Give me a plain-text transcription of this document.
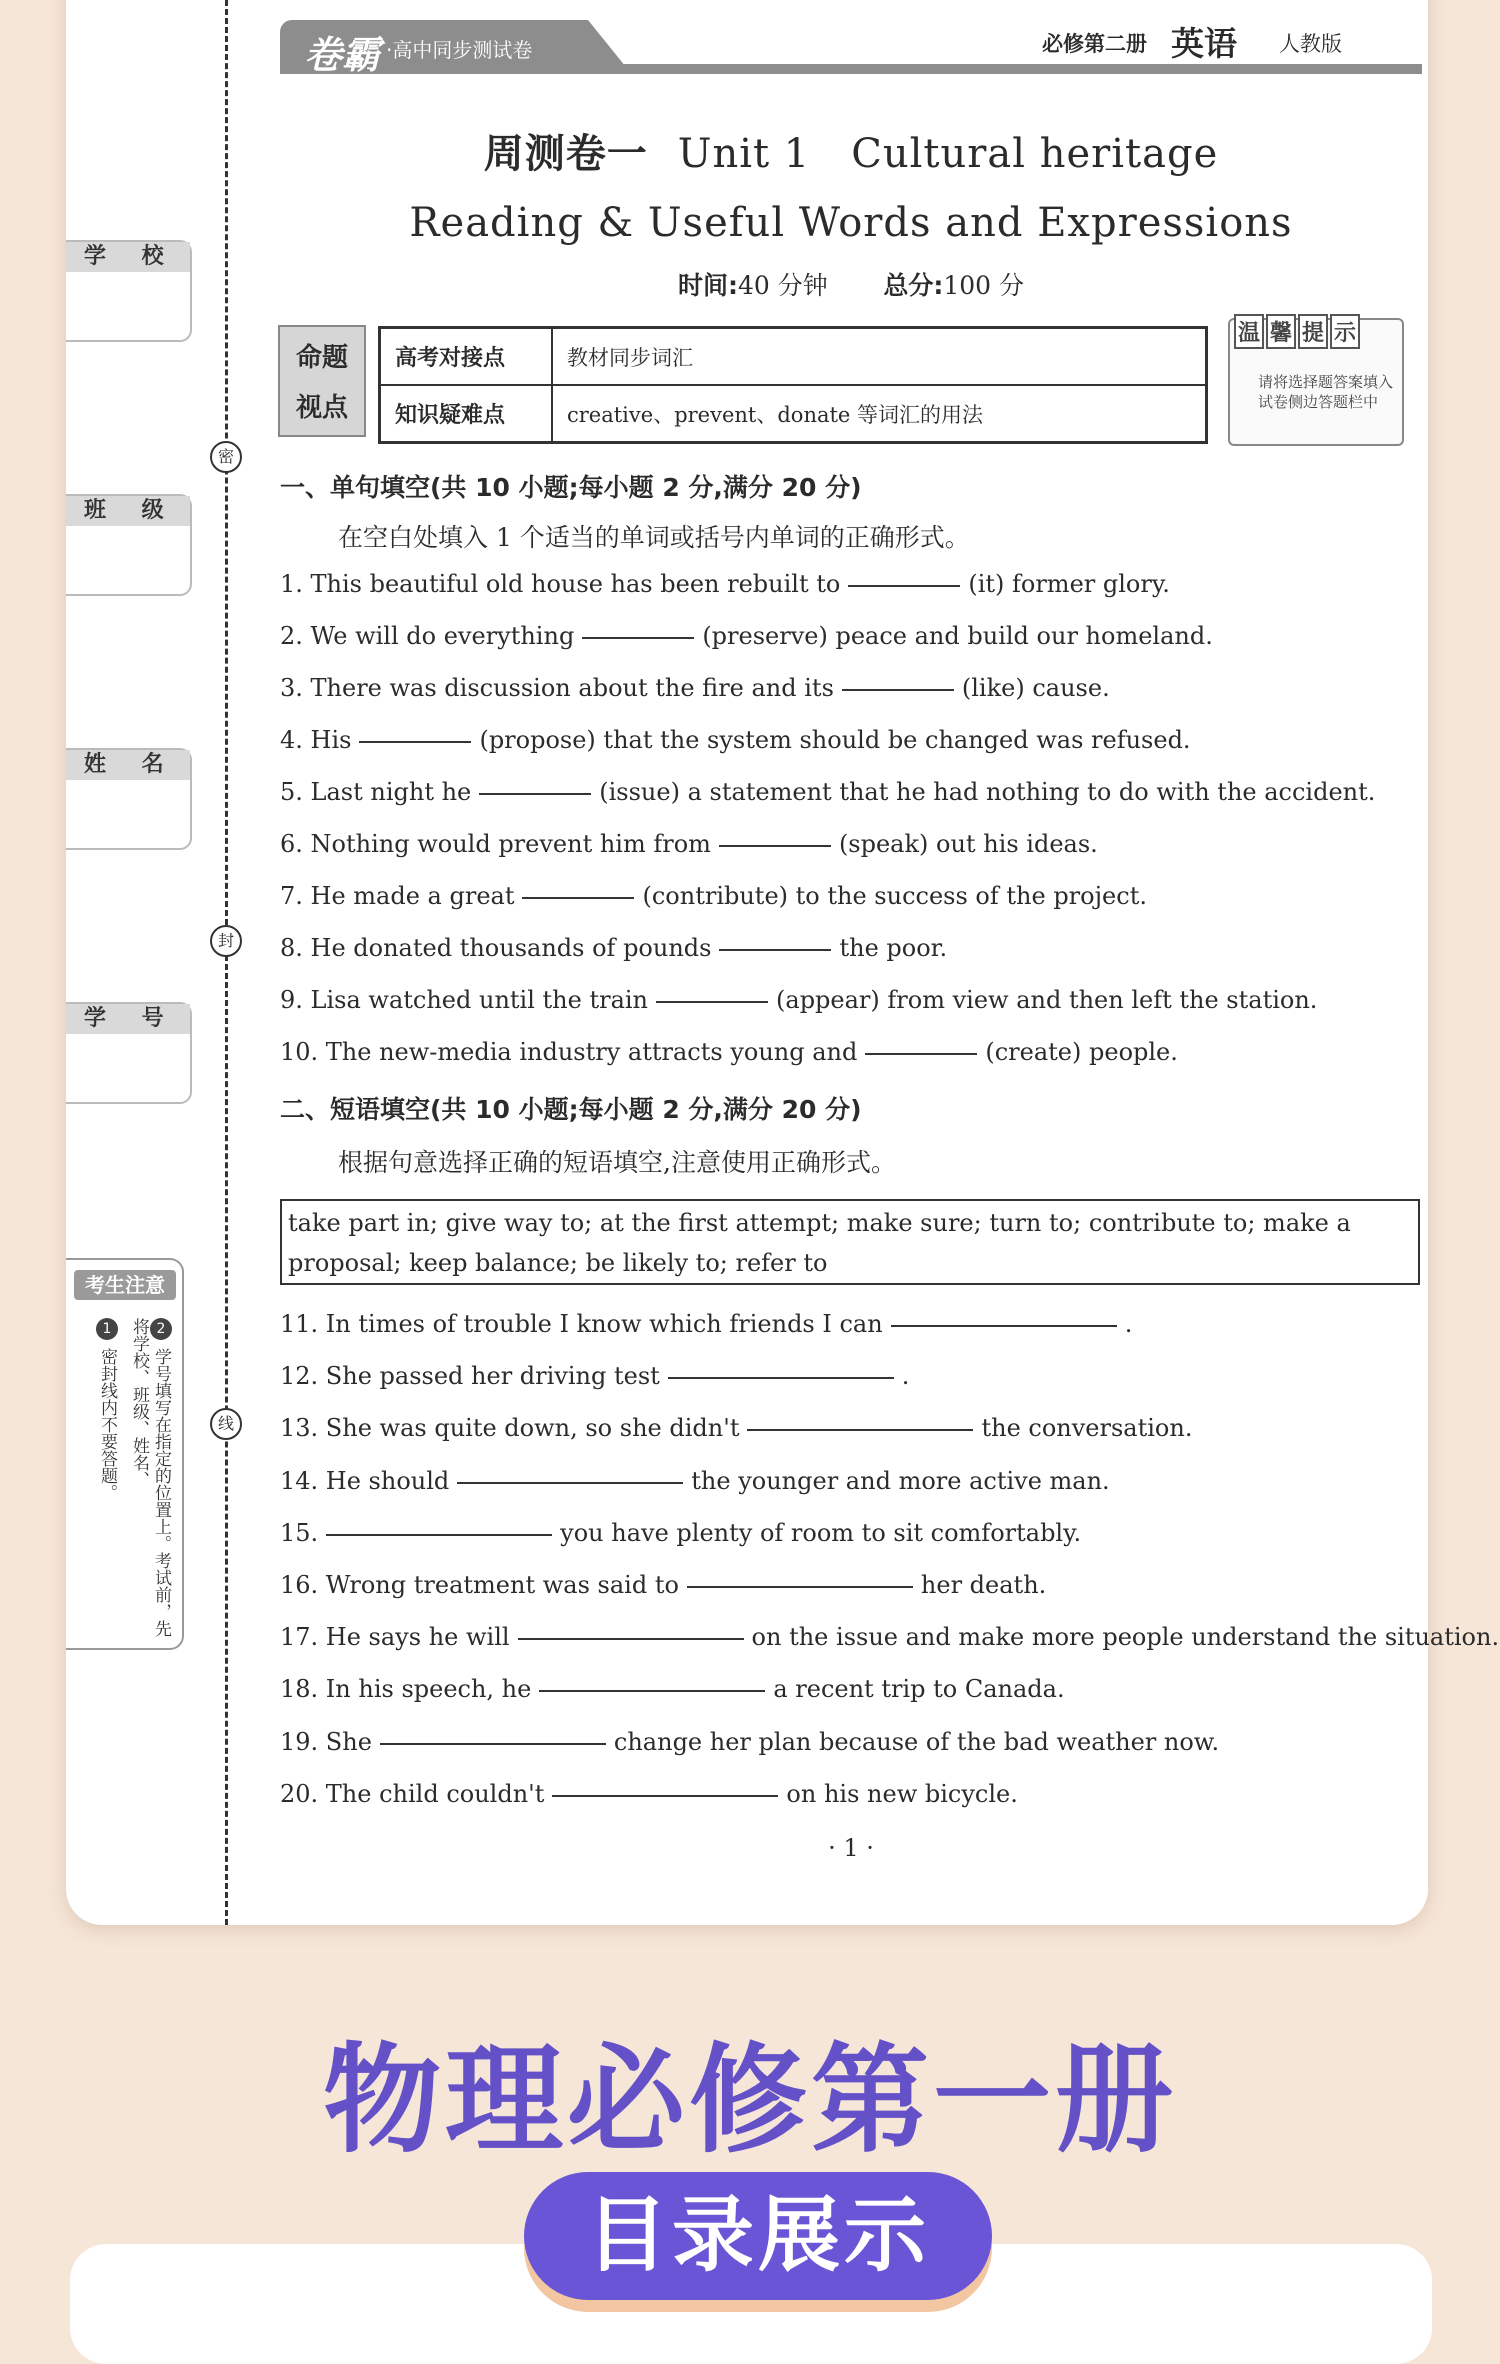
密
封
线
学 校
班 级
姓 名
学 号
考生注意
2学号填写在指定的位置上。考试前，先将学校、班级、姓名、
1密封线内不要答题。
卷霸 ·高中同步测试卷	必修第二册 英语 人教版
周测卷一 Unit 1　Cultural heritage
Reading & Useful Words and Expressions
时间:40 分钟 总分:100 分
命题
视点
高考对接点	教材同步词汇
知识疑难点	creative、prevent、donate 等词汇的用法
温 馨 提 示
请将选择题答案填入试卷侧边答题栏中
一、单句填空(共 10 小题;每小题 2 分,满分 20 分)
在空白处填入 1 个适当的单词或括号内单词的正确形式。
1. This beautiful old house has been rebuilt to	(it) former glory.
2. We will do everything	(preserve) peace and build our homeland.
3. There was discussion about the fire and its	(like) cause.
4. His	(propose) that the system should be changed was refused.
5. Last night he	(issue) a statement that he had nothing to do with the accident.
6. Nothing would prevent him from	(speak) out his ideas.
7. He made a great	(contribute) to the success of the project.
8. He donated thousands of pounds	the poor.
9. Lisa watched until the train	(appear) from view and then left the station.
10. The new-media industry attracts young and	(create) people.
二、短语填空(共 10 小题;每小题 2 分,满分 20 分)
根据句意选择正确的短语填空,注意使用正确形式。
take part in; give way to; at the first attempt; make sure; turn to; contribute to; make a
proposal; keep balance; be likely to; refer to
11. In times of trouble I know which friends I can	.
12. She passed her driving test	.
13. She was quite down, so she didn't	the conversation.
14. He should	the younger and more active man.
15.	you have plenty of room to sit comfortably.
16. Wrong treatment was said to	her death.
17. He says he will	on the issue and make more people understand the situation.
18. In his speech, he	a recent trip to Canada.
19. She	change her plan because of the bad weather now.
20. The child couldn't	on his new bicycle.
· 1 ·
物理必修第一册
目录展示
